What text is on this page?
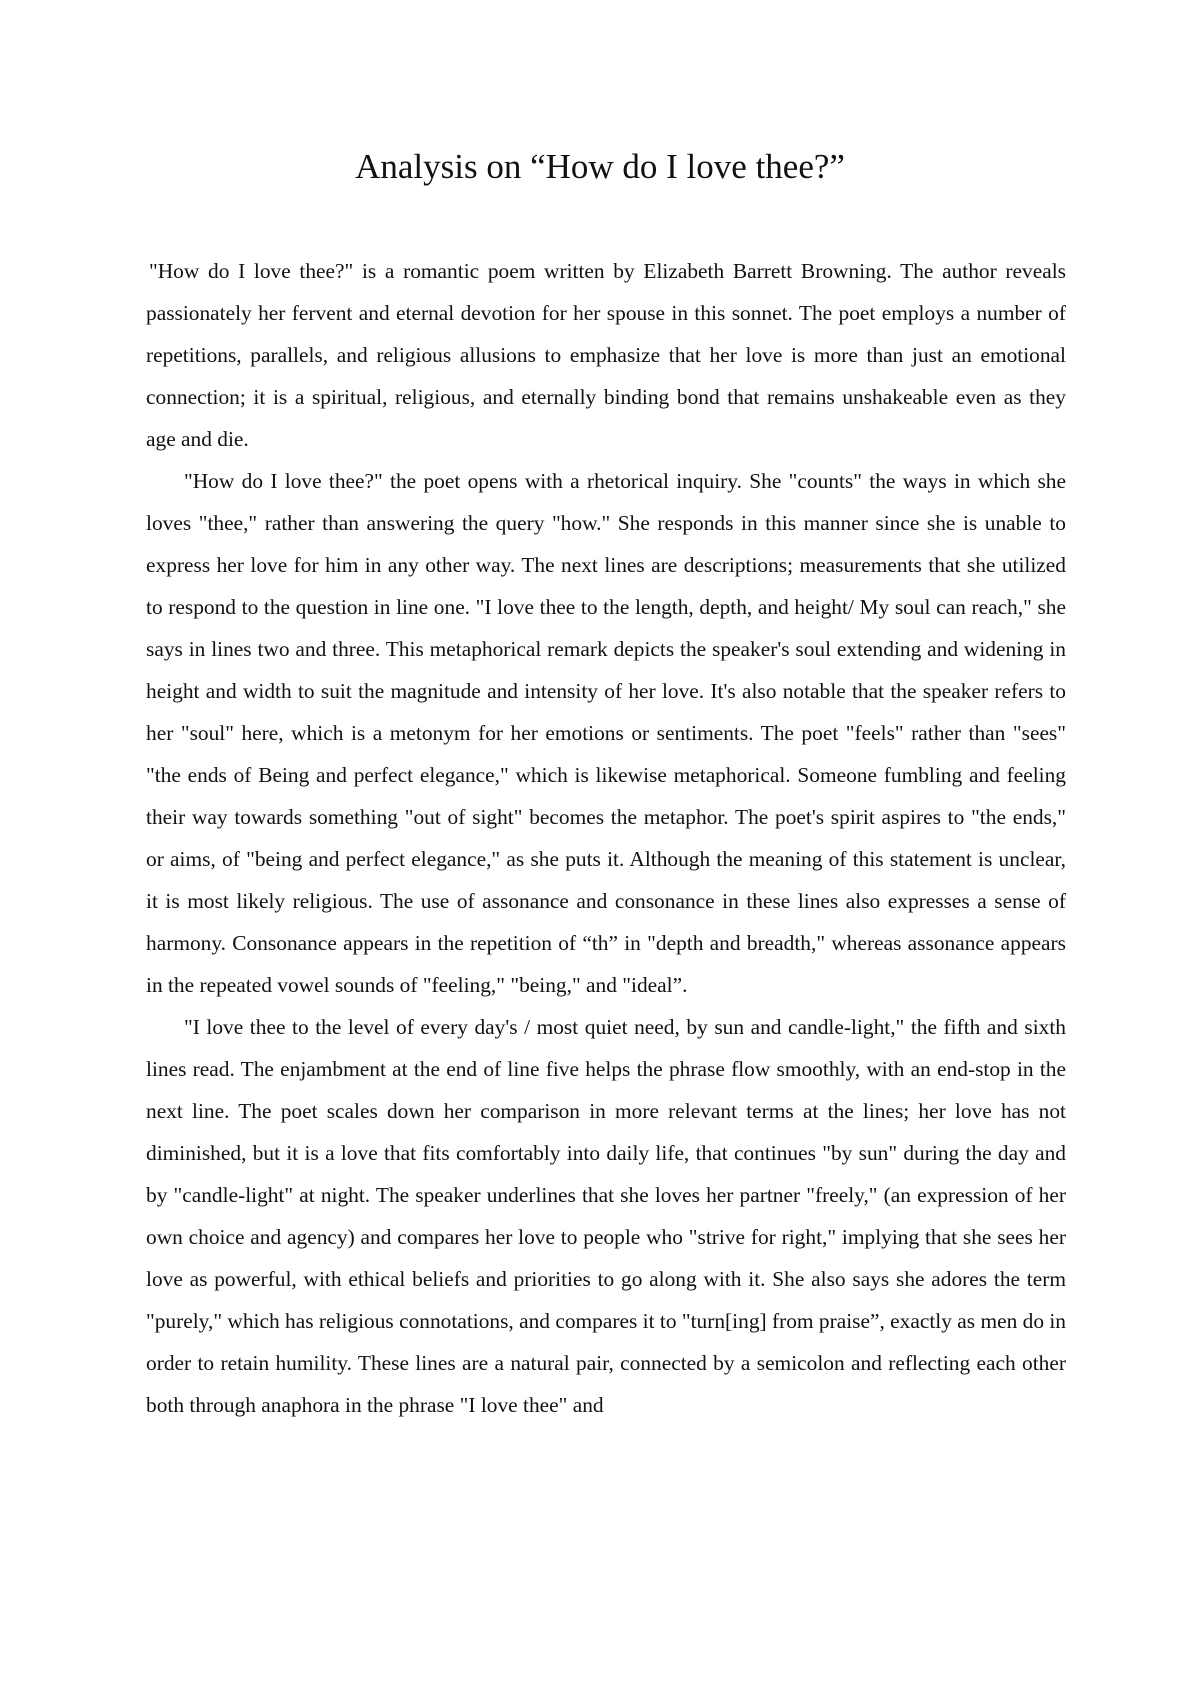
Analysis on “How do I love thee?”

"How do I love thee?" is a romantic poem written by Elizabeth Barrett Browning. The author reveals passionately her fervent and eternal devotion for her spouse in this sonnet. The poet employs a number of repetitions, parallels, and religious allusions to emphasize that her love is more than just an emotional connection; it is a spiritual, religious, and eternally binding bond that remains unshakeable even as they age and die.

"How do I love thee?" the poet opens with a rhetorical inquiry. She "counts" the ways in which she loves "thee," rather than answering the query "how." She responds in this manner since she is unable to express her love for him in any other way. The next lines are descriptions; measurements that she utilized to respond to the question in line one. "I love thee to the length, depth, and height/ My soul can reach," she says in lines two and three. This metaphorical remark depicts the speaker's soul extending and widening in height and width to suit the magnitude and intensity of her love. It's also notable that the speaker refers to her "soul" here, which is a metonym for her emotions or sentiments. The poet "feels" rather than "sees" "the ends of Being and perfect elegance," which is likewise metaphorical. Someone fumbling and feeling their way towards something "out of sight" becomes the metaphor. The poet's spirit aspires to "the ends," or aims, of "being and perfect elegance," as she puts it. Although the meaning of this statement is unclear, it is most likely religious. The use of assonance and consonance in these lines also expresses a sense of harmony. Consonance appears in the repetition of “th” in "depth and breadth," whereas assonance appears in the repeated vowel sounds of "feeling," "being," and "ideal”.

"I love thee to the level of every day's / most quiet need, by sun and candle-light," the fifth and sixth lines read. The enjambment at the end of line five helps the phrase flow smoothly, with an end-stop in the next line. The poet scales down her comparison in more relevant terms at the lines; her love has not diminished, but it is a love that fits comfortably into daily life, that continues "by sun" during the day and by "candle-light" at night. The speaker underlines that she loves her partner "freely," (an expression of her own choice and agency) and compares her love to people who "strive for right," implying that she sees her love as powerful, with ethical beliefs and priorities to go along with it. She also says she adores the term "purely," which has religious connotations, and compares it to "turn[ing] from praise”, exactly as men do in order to retain humility. These lines are a natural pair, connected by a semicolon and reflecting each other both through anaphora in the phrase "I love thee" and
